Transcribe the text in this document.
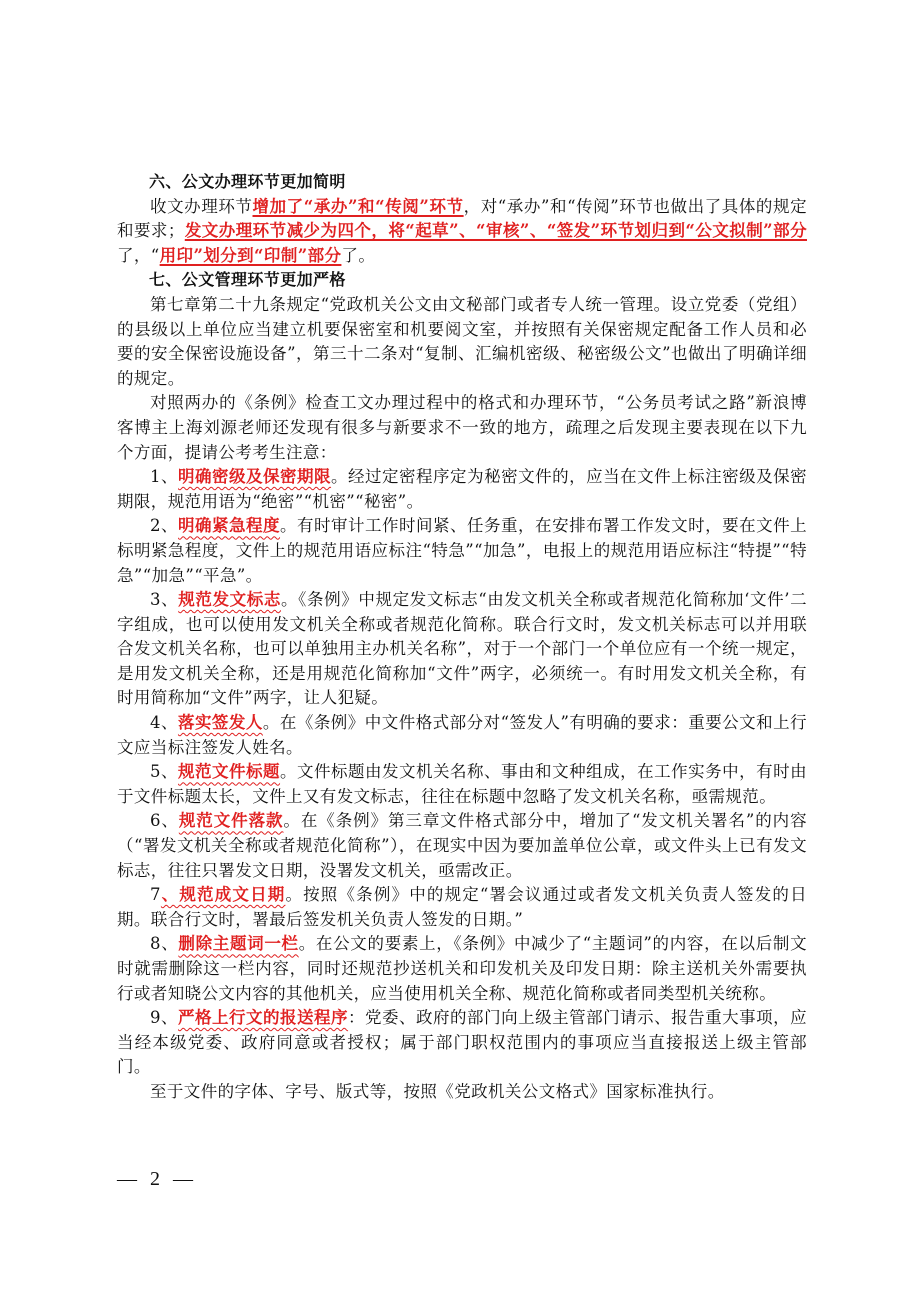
六、公文办理环节更加简明

收文办理环节增加了“承办”和“传阅”环节，对“承办”和“传阅”环节也做出了具体的规定和要求；发文办理环节减少为四个，将“起草”、“审核”、“签发”环节划归到“公文拟制”部分了，“用印”划分到“印制”部分了。

七、公文管理环节更加严格

第七章第二十九条规定“党政机关公文由文秘部门或者专人统一管理。设立党委（党组）的县级以上单位应当建立机要保密室和机要阅文室，并按照有关保密规定配备工作人员和必要的安全保密设施设备”，第三十二条对“复制、汇编机密级、秘密级公文”也做出了明确详细的规定。

对照两办的《条例》检查工文办理过程中的格式和办理环节，“公务员考试之路”新浪博客博主上海刘源老师还发现有很多与新要求不一致的地方，疏理之后发现主要表现在以下九个方面，提请公考考生注意：

1、明确密级及保密期限。经过定密程序定为秘密文件的，应当在文件上标注密级及保密期限，规范用语为“绝密”“机密”“秘密”。

2、明确紧急程度。有时审计工作时间紧、任务重，在安排布署工作发文时，要在文件上标明紧急程度，文件上的规范用语应标注“特急”“加急”，电报上的规范用语应标注“特提”“特急”“加急”“平急”。

3、规范发文标志。《条例》中规定发文标志“由发文机关全称或者规范化简称加‘文件’二字组成，也可以使用发文机关全称或者规范化简称。联合行文时，发文机关标志可以并用联合发文机关名称，也可以单独用主办机关名称”，对于一个部门一个单位应有一个统一规定，是用发文机关全称，还是用规范化简称加“文件”两字，必须统一。有时用发文机关全称，有时用简称加“文件”两字，让人犯疑。

4、落实签发人。在《条例》中文件格式部分对“签发人”有明确的要求：重要公文和上行文应当标注签发人姓名。

5、规范文件标题。文件标题由发文机关名称、事由和文种组成，在工作实务中，有时由于文件标题太长，文件上又有发文标志，往往在标题中忽略了发文机关名称，亟需规范。

6、规范文件落款。在《条例》第三章文件格式部分中，增加了“发文机关署名”的内容（“署发文机关全称或者规范化简称”），在现实中因为要加盖单位公章，或文件头上已有发文标志，往往只署发文日期，没署发文机关，亟需改正。

7、规范成文日期。按照《条例》中的规定“署会议通过或者发文机关负责人签发的日期。联合行文时，署最后签发机关负责人签发的日期。”

8、删除主题词一栏。在公文的要素上，《条例》中减少了“主题词”的内容，在以后制文时就需删除这一栏内容，同时还规范抄送机关和印发机关及印发日期：除主送机关外需要执行或者知晓公文内容的其他机关，应当使用机关全称、规范化简称或者同类型机关统称。

9、严格上行文的报送程序：党委、政府的部门向上级主管部门请示、报告重大事项，应当经本级党委、政府同意或者授权；属于部门职权范围内的事项应当直接报送上级主管部门。

至于文件的字体、字号、版式等，按照《党政机关公文格式》国家标准执行。

— 2 —
